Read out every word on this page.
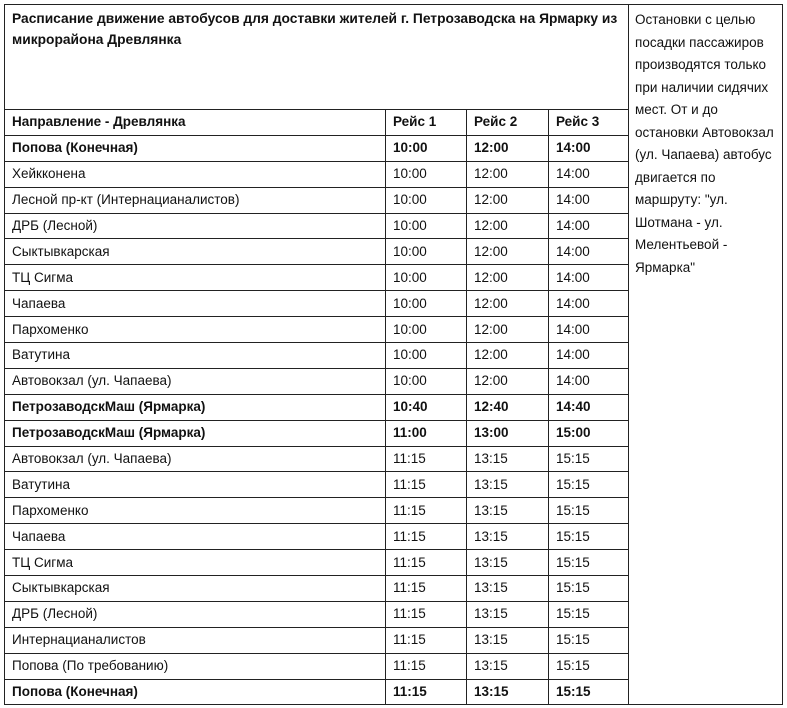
Расписание движение автобусов для доставки жителей г. Петрозаводска на Ярмарку из микрорайона Древлянка				Остановки с целью посадки пассажиров производятся только при наличии сидячих мест. От и до остановки Автовокзал (ул. Чапаева) автобус двигается по маршруту: "ул. Шотмана - ул. Мелентьевой - Ярмарка"
Направление - Древлянка	Рейс 1	Рейс 2	Рейс 3	
Попова (Конечная)	10:00	12:00	14:00	
Хейкконена	10:00	12:00	14:00	
Лесной пр-кт (Интернацианалистов)	10:00	12:00	14:00	
ДРБ (Лесной)	10:00	12:00	14:00	
Сыктывкарская	10:00	12:00	14:00	
ТЦ Сигма	10:00	12:00	14:00	
Чапаева	10:00	12:00	14:00	
Пархоменко	10:00	12:00	14:00	
Ватутина	10:00	12:00	14:00	
Автовокзал (ул. Чапаева)	10:00	12:00	14:00	
ПетрозаводскМаш (Ярмарка)	10:40	12:40	14:40	
ПетрозаводскМаш (Ярмарка)	11:00	13:00	15:00	
Автовокзал (ул. Чапаева)	11:15	13:15	15:15	
Ватутина	11:15	13:15	15:15	
Пархоменко	11:15	13:15	15:15	
Чапаева	11:15	13:15	15:15	
ТЦ Сигма	11:15	13:15	15:15	
Сыктывкарская	11:15	13:15	15:15	
ДРБ (Лесной)	11:15	13:15	15:15	
Интернацианалистов	11:15	13:15	15:15	
Попова (По требованию)	11:15	13:15	15:15	
Попова (Конечная)	11:15	13:15	15:15	
